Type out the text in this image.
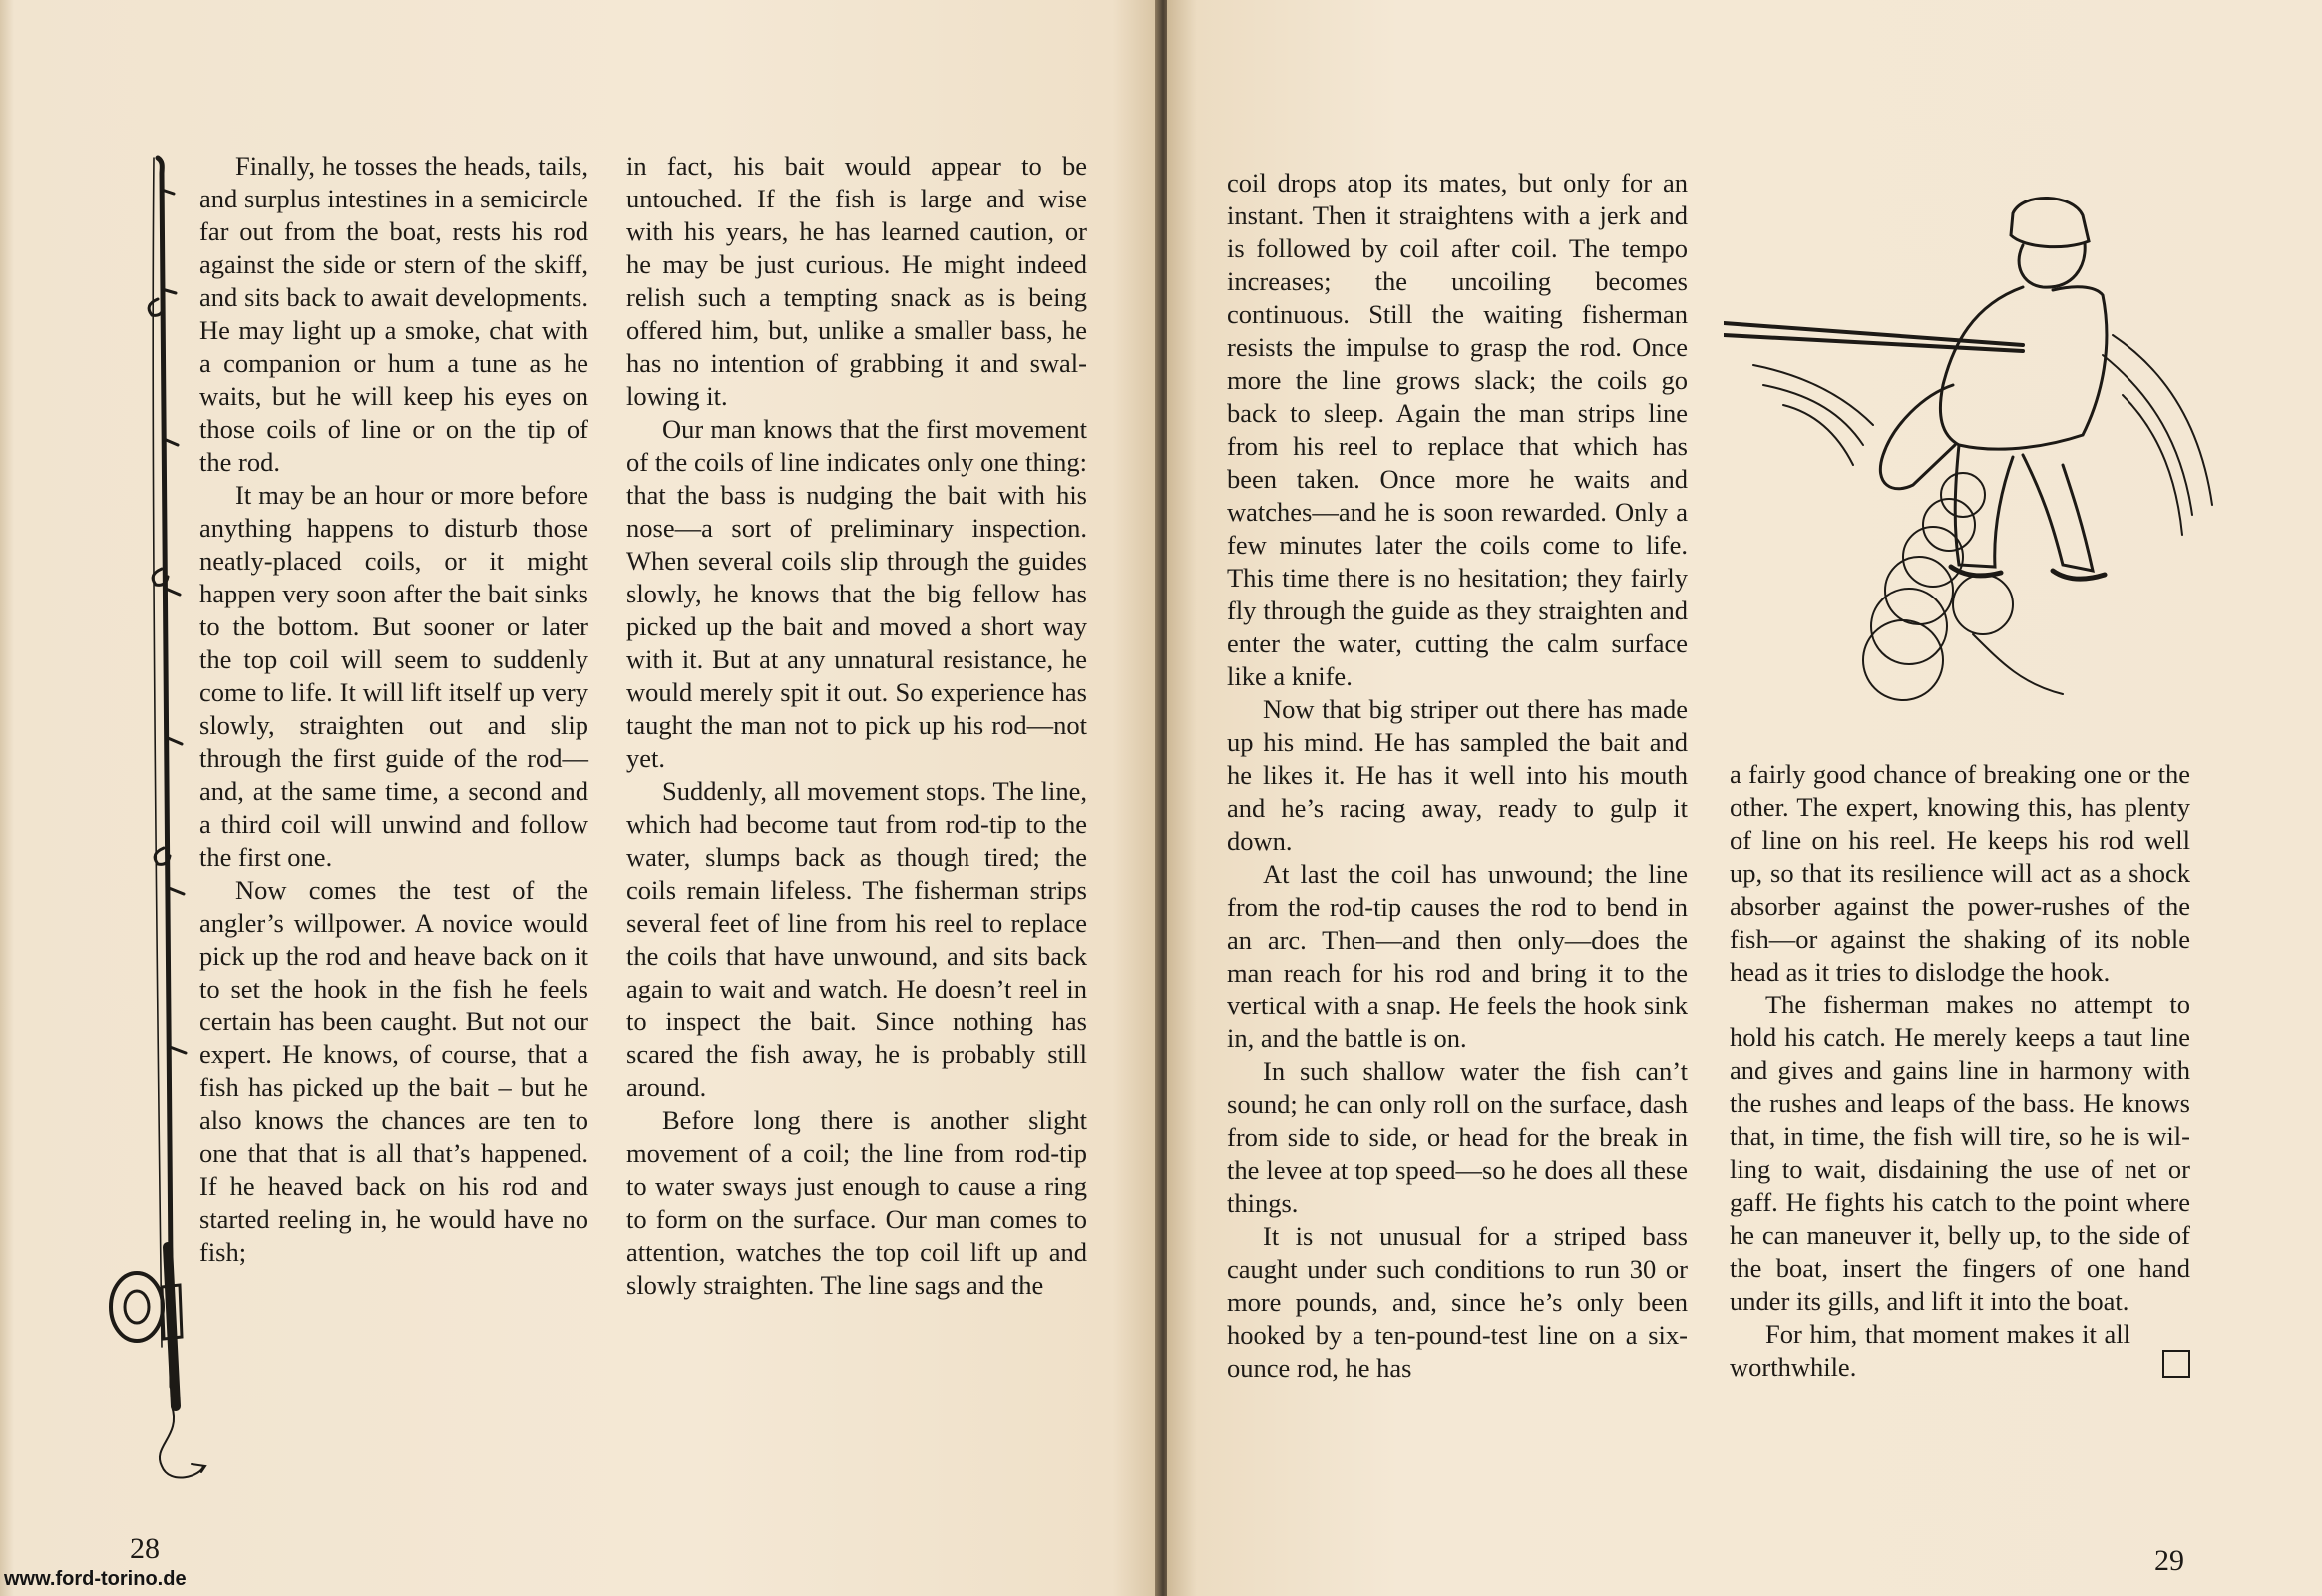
Finally, he tosses the heads, tails, and surplus intestines in a semicircle far out from the boat, rests his rod against the side or stern of the skiff, and sits back to await developments. He may light up a smoke, chat with a companion or hum a tune as he waits, but he will keep his eyes on those coils of line or on the tip of the rod.

It may be an hour or more before anything happens to disturb those neatly-placed coils, or it might happen very soon after the bait sinks to the bottom. But sooner or later the top coil will seem to suddenly come to life. It will lift itself up very slowly, straighten out and slip through the first guide of the rod—and, at the same time, a second and a third coil will unwind and follow the first one.

Now comes the test of the angler’s willpower. A novice would pick up the rod and heave back on it to set the hook in the fish he feels certain has been caught. But not our expert. He knows, of course, that a fish has picked up the bait – but he also knows the chances are ten to one that that is all that’s happened. If he heaved back on his rod and started reeling in, he would have no fish;

in fact, his bait would appear to be untouched. If the fish is large and wise with his years, he has learned caution, or he may be just curious. He might indeed relish such a tempting snack as is being offered him, but, unlike a smaller bass, he has no intention of grabbing it and swallowing it.

Our man knows that the first movement of the coils of line indicates only one thing: that the bass is nudging the bait with his nose—a sort of preliminary inspection. When several coils slip through the guides slowly, he knows that the big fellow has picked up the bait and moved a short way with it. But at any unnatural resistance, he would merely spit it out. So experience has taught the man not to pick up his rod—not yet.

Suddenly, all movement stops. The line, which had become taut from rod-tip to the water, slumps back as though tired; the coils remain lifeless. The fisherman strips several feet of line from his reel to replace the coils that have unwound, and sits back again to wait and watch. He doesn’t reel in to inspect the bait. Since nothing has scared the fish away, he is probably still around.

Before long there is another slight movement of a coil; the line from rod-tip to water sways just enough to cause a ring to form on the surface. Our man comes to attention, watches the top coil lift up and slowly straighten. The line sags and the

28
www.ford-torino.de

coil drops atop its mates, but only for an instant. Then it straightens with a jerk and is followed by coil after coil. The tempo increases; the uncoiling becomes continuous. Still the waiting fisherman resists the impulse to grasp the rod. Once more the line grows slack; the coils go back to sleep. Again the man strips line from his reel to replace that which has been taken. Once more he waits and watches—and he is soon rewarded. Only a few minutes later the coils come to life. This time there is no hesitation; they fairly fly through the guide as they straighten and enter the water, cutting the calm surface like a knife.

Now that big striper out there has made up his mind. He has sampled the bait and he likes it. He has it well into his mouth and he’s racing away, ready to gulp it down.

At last the coil has unwound; the line from the rod-tip causes the rod to bend in an arc. Then—and then only—does the man reach for his rod and bring it to the vertical with a snap. He feels the hook sink in, and the battle is on.

In such shallow water the fish can’t sound; he can only roll on the surface, dash from side to side, or head for the break in the levee at top speed—so he does all these things.

It is not unusual for a striped bass caught under such conditions to run 30 or more pounds, and, since he’s only been hooked by a ten-pound-test line on a six-ounce rod, he has

a fairly good chance of breaking one or the other. The expert, knowing this, has plenty of line on his reel. He keeps his rod well up, so that its resilience will act as a shock absorber against the power-rushes of the fish—or against the shaking of its noble head as it tries to dislodge the hook.

The fisherman makes no attempt to hold his catch. He merely keeps a taut line and gives and gains line in harmony with the rushes and leaps of the bass. He knows that, in time, the fish will tire, so he is willing to wait, disdaining the use of net or gaff. He fights his catch to the point where he can maneuver it, belly up, to the side of the boat, insert the fingers of one hand under its gills, and lift it into the boat.

For him, that moment makes it all worthwhile.

29
